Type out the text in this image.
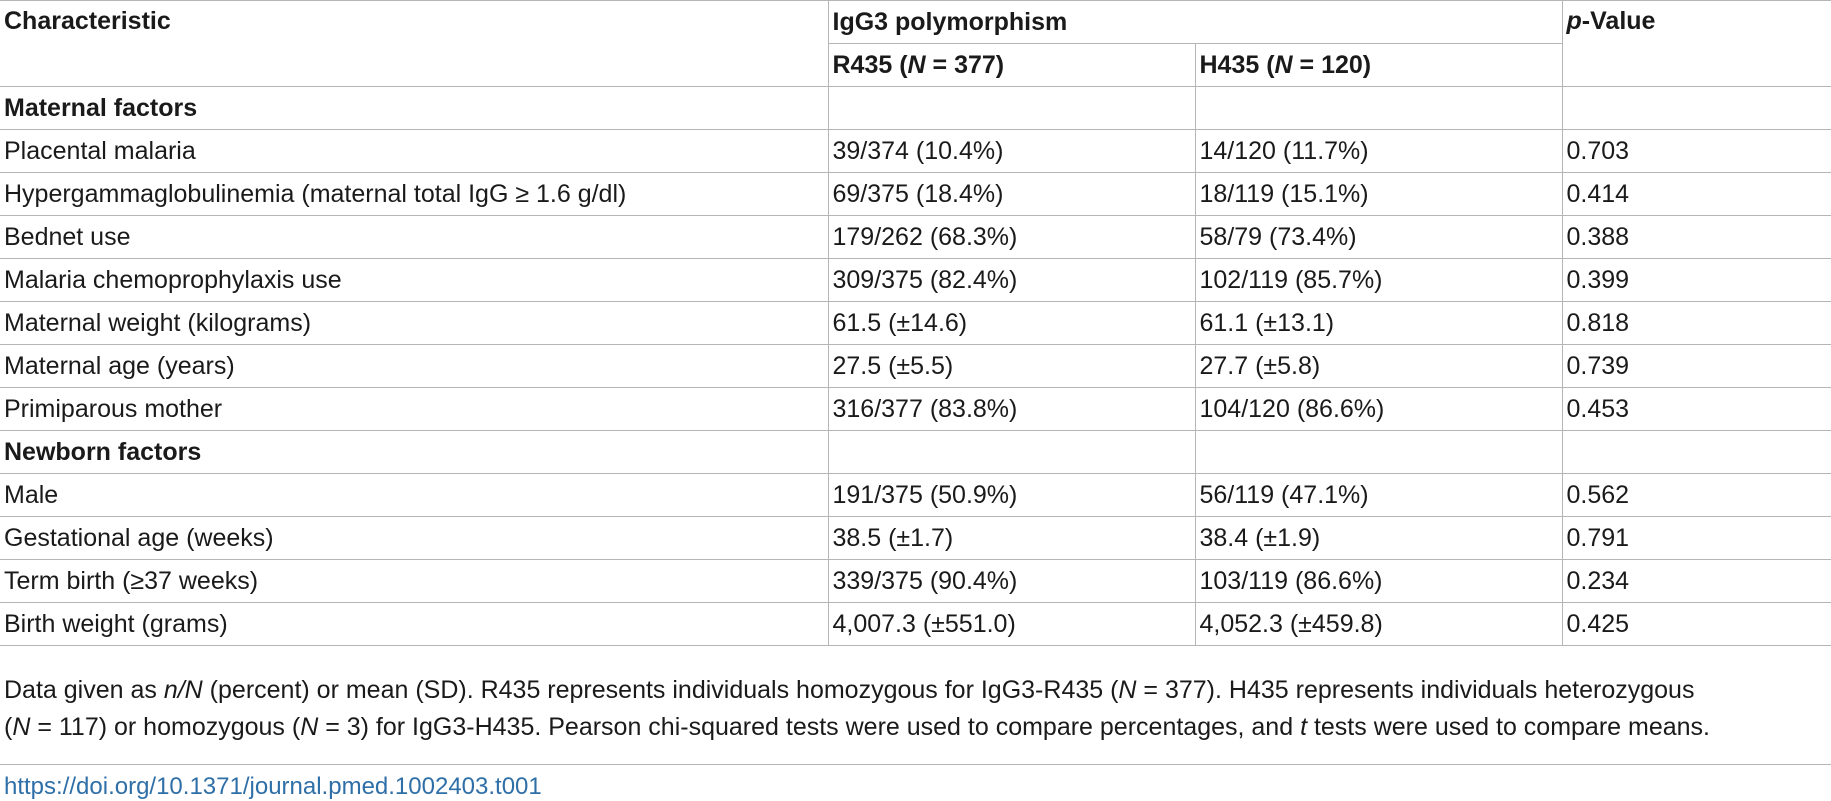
Characteristic	IgG3 polymorphism		p-Value
	R435 (N = 377)	H435 (N = 120)	
Maternal factors			
Placental malaria	39/374 (10.4%)	14/120 (11.7%)	0.703
Hypergammaglobulinemia (maternal total IgG ≥ 1.6 g/dl)	69/375 (18.4%)	18/119 (15.1%)	0.414
Bednet use	179/262 (68.3%)	58/79 (73.4%)	0.388
Malaria chemoprophylaxis use	309/375 (82.4%)	102/119 (85.7%)	0.399
Maternal weight (kilograms)	61.5 (±14.6)	61.1 (±13.1)	0.818
Maternal age (years)	27.5 (±5.5)	27.7 (±5.8)	0.739
Primiparous mother	316/377 (83.8%)	104/120 (86.6%)	0.453
Newborn factors			
Male	191/375 (50.9%)	56/119 (47.1%)	0.562
Gestational age (weeks)	38.5 (±1.7)	38.4 (±1.9)	0.791
Term birth (≥37 weeks)	339/375 (90.4%)	103/119 (86.6%)	0.234
Birth weight (grams)	4,007.3 (±551.0)	4,052.3 (±459.8)	0.425
Data given as n/N (percent) or mean (SD). R435 represents individuals homozygous for IgG3-R435 (N = 377). H435 represents individuals heterozygous
(N = 117) or homozygous (N = 3) for IgG3-H435. Pearson chi-squared tests were used to compare percentages, and t tests were used to compare means.
https://doi.org/10.1371/journal.pmed.1002403.t001
